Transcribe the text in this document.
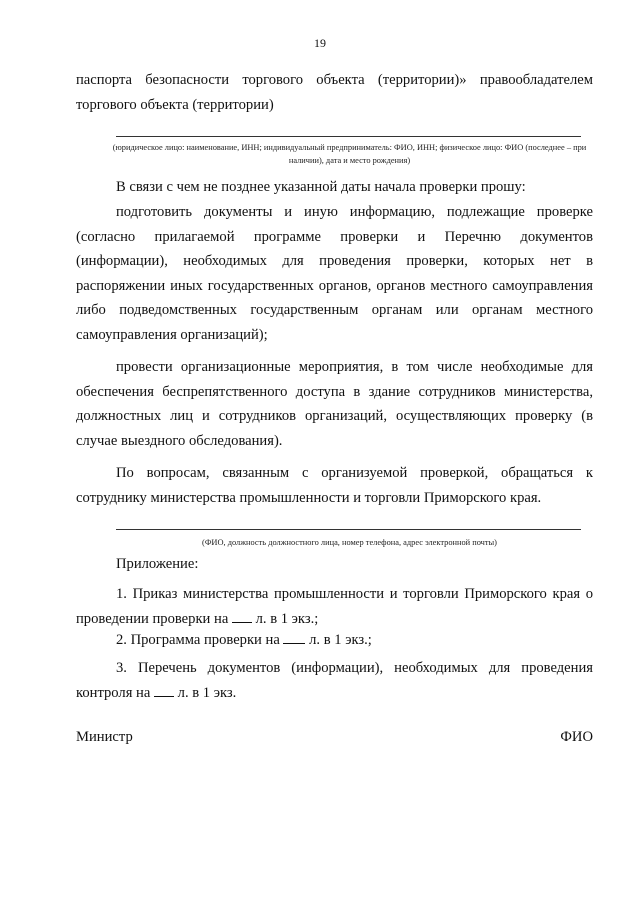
19
паспорта безопасности торгового объекта (территории)» правообладателем торгового объекта (территории)
(юридическое лицо: наименование, ИНН; индивидуальный предприниматель: ФИО, ИНН; физическое лицо: ФИО (последнее – при наличии), дата и место рождения)
В связи с чем не позднее указанной даты начала проверки прошу:
подготовить документы и иную информацию, подлежащие проверке (согласно прилагаемой программе проверки и Перечню документов (информации), необходимых для проведения проверки, которых нет в распоряжении иных государственных органов, органов местного самоуправления либо подведомственных государственным органам или органам местного самоуправления организаций);
провести организационные мероприятия, в том числе необходимые для обеспечения беспрепятственного доступа в здание сотрудников министерства, должностных лиц и сотрудников организаций, осуществляющих проверку (в случае выездного обследования).
По вопросам, связанным с организуемой проверкой, обращаться к сотруднику министерства промышленности и торговли Приморского края.
(ФИО, должность должностного лица, номер телефона, адрес электронной почты)
Приложение:
1. Приказ министерства промышленности и торговли Приморского края о проведении проверки на л. в 1 экз.;
2. Программа проверки на л. в 1 экз.;
3. Перечень документов (информации), необходимых для проведения контроля на л. в 1 экз.
Министр	ФИО
